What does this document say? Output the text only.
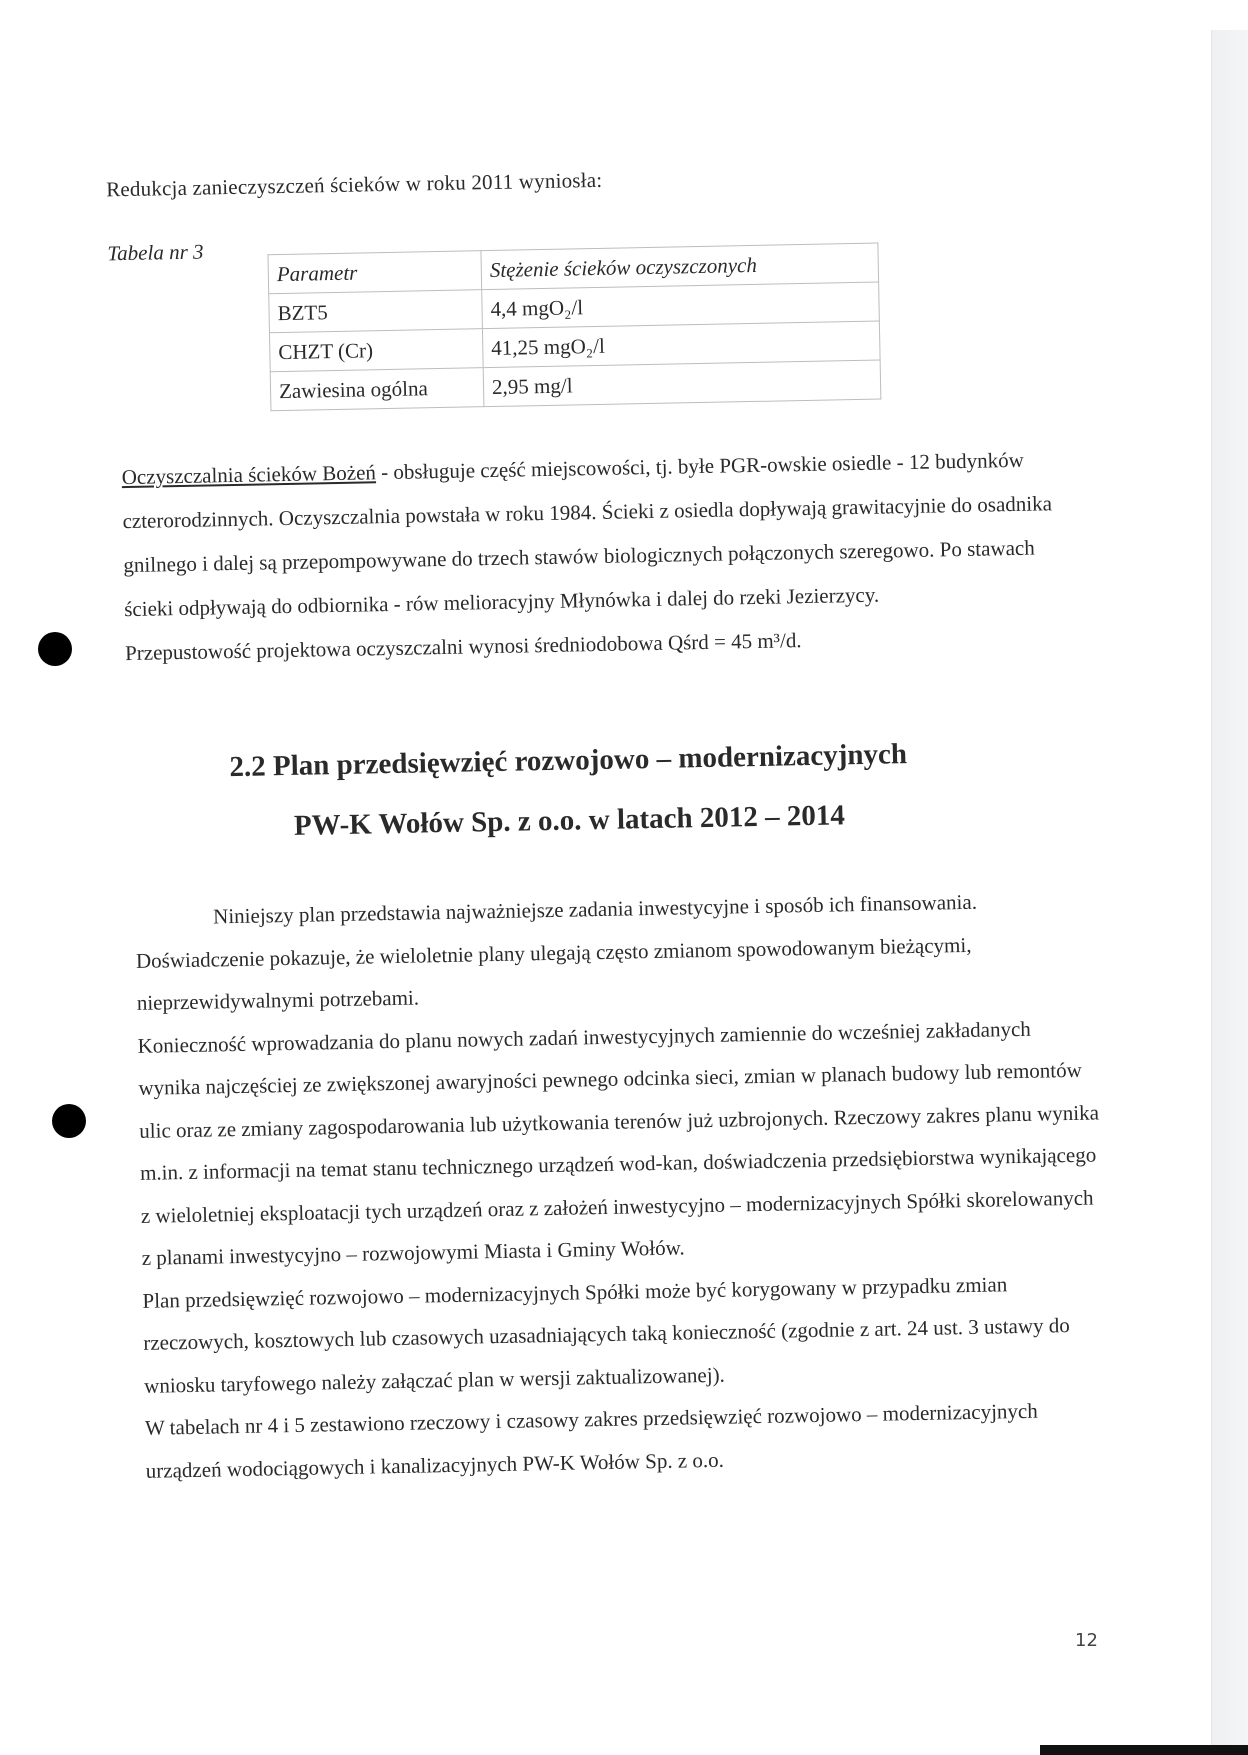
Redukcja zanieczyszczeń ścieków w roku 2011 wyniosła:
Tabela nr 3
Parametr	Stężenie ścieków oczyszczonych
BZT5	4,4 mgO₂/l
CHZT (Cr)	41,25 mgO₂/l
Zawiesina ogólna	2,95 mg/l
Oczyszczalnia ścieków Bożeń - obsługuje część miejscowości, tj. byłe PGR-owskie osiedle - 12 budynków czterorodzinnych. Oczyszczalnia powstała w roku 1984. Ścieki z osiedla dopływają grawitacyjnie do osadnika gnilnego i dalej są przepompowywane do trzech stawów biologicznych połączonych szeregowo. Po stawach ścieki odpływają do odbiornika - rów melioracyjny Młynówka i dalej do rzeki Jezierzycy.
Przepustowość projektowa oczyszczalni wynosi średniodobowa Qśrd = 45 m³/d.
2.2 Plan przedsięwzięć rozwojowo – modernizacyjnych
PW-K Wołów Sp. z o.o. w latach 2012 – 2014

Niniejszy plan przedstawia najważniejsze zadania inwestycyjne i sposób ich finansowania. Doświadczenie pokazuje, że wieloletnie plany ulegają często zmianom spowodowanym bieżącymi, nieprzewidywalnymi potrzebami.

Konieczność wprowadzania do planu nowych zadań inwestycyjnych zamiennie do wcześniej zakładanych wynika najczęściej ze zwiększonej awaryjności pewnego odcinka sieci, zmian w planach budowy lub remontów ulic oraz ze zmiany zagospodarowania lub użytkowania terenów już uzbrojonych. Rzeczowy zakres planu wynika m.in. z informacji na temat stanu technicznego urządzeń wod-kan, doświadczenia przedsiębiorstwa wynikającego z wieloletniej eksploatacji tych urządzeń oraz z założeń inwestycyjno – modernizacyjnych Spółki skorelowanych z planami inwestycyjno – rozwojowymi Miasta i Gminy Wołów.

Plan przedsięwzięć rozwojowo – modernizacyjnych Spółki może być korygowany w przypadku zmian rzeczowych, kosztowych lub czasowych uzasadniających taką konieczność (zgodnie z art. 24 ust. 3 ustawy do wniosku taryfowego należy załączać plan w wersji zaktualizowanej).

W tabelach nr 4 i 5 zestawiono rzeczowy i czasowy zakres przedsięwzięć rozwojowo – modernizacyjnych urządzeń wodociągowych i kanalizacyjnych PW-K Wołów Sp. z o.o.

12
